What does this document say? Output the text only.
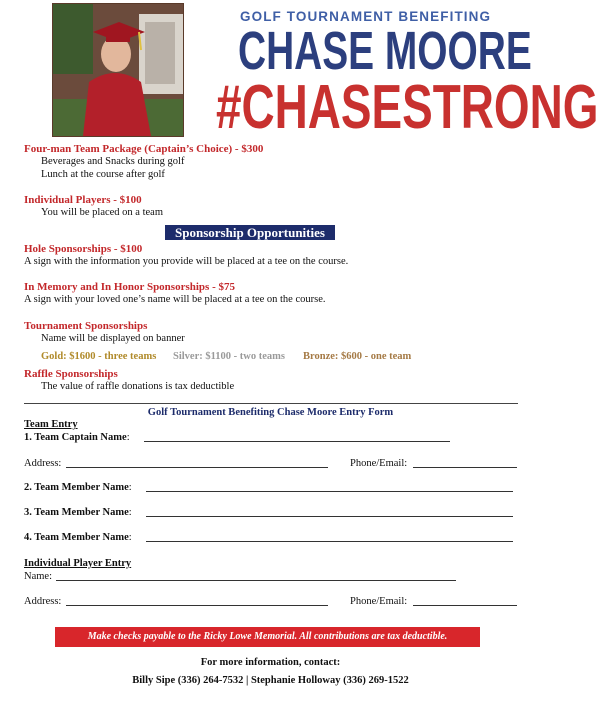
GOLF TOURNAMENT BENEFITING
CHASE MOORE
#CHASESTRONG
Four-man Team Package (Captain’s Choice) - $300
Beverages and Snacks during golf
Lunch at the course after golf
Individual Players - $100
You will be placed on a team
Sponsorship Opportunities
Hole Sponsorships - $100
A sign with the information you provide will be placed at a tee on the course.
In Memory and In Honor Sponsorships - $75
A sign with your loved one’s name will be placed at a tee on the course.
Tournament Sponsorships
Name will be displayed on banner
Gold: $1600 - three teams Silver: $1100 - two teams Bronze: $600 - one team
Raffle Sponsorships
The value of raffle donations is tax deductible
Golf Tournament Benefiting Chase Moore Entry Form
Team Entry
1. Team Captain Name:
Address:	Phone/Email:
2. Team Member Name:
3. Team Member Name:
4. Team Member Name:
Individual Player Entry
Name:
Address:	Phone/Email:
Make checks payable to the Ricky Lowe Memorial. All contributions are tax deductible.
For more information, contact:
Billy Sipe (336) 264-7532 | Stephanie Holloway (336) 269-1522
